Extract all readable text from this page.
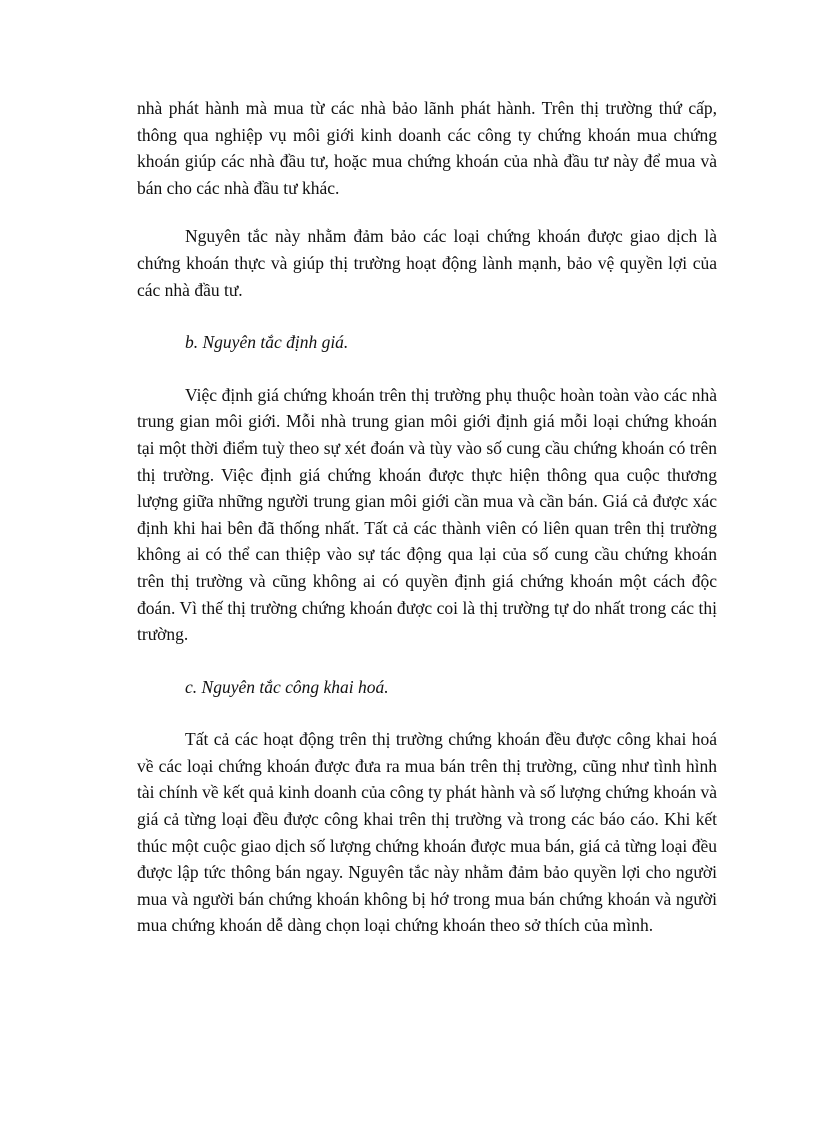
nhà phát hành mà mua từ các nhà bảo lãnh phát hành. Trên thị trường thứ cấp, thông qua nghiệp vụ môi giới kinh doanh các công ty chứng khoán mua chứng khoán giúp các nhà đầu tư, hoặc mua chứng khoán của nhà đầu tư này để mua và bán cho các nhà đầu tư khác.

Nguyên tắc này nhằm đảm bảo các loại chứng khoán được giao dịch là chứng khoán thực và giúp thị trường hoạt động lành mạnh, bảo vệ quyền lợi của các nhà đầu tư.

b. Nguyên tắc định giá.

Việc định giá chứng khoán trên thị trường phụ thuộc hoàn toàn vào các nhà trung gian môi giới. Mỗi nhà trung gian môi giới định giá mỗi loại chứng khoán tại một thời điểm tuỳ theo sự xét đoán và tùy vào số cung cầu chứng khoán có trên thị trường. Việc định giá chứng khoán được thực hiện thông qua cuộc thương lượng giữa những người trung gian môi giới cần mua và cần bán. Giá cả được xác định khi hai bên đã thống nhất. Tất cả các thành viên có liên quan trên thị trường không ai có thể can thiệp vào sự tác động qua lại của số cung cầu chứng khoán trên thị trường và cũng không ai có quyền định giá chứng khoán một cách độc đoán. Vì thế thị trường chứng khoán được coi là thị trường tự do nhất trong các thị trường.

c. Nguyên tắc công khai hoá.

Tất cả các hoạt động trên thị trường chứng khoán đều được công khai hoá về các loại chứng khoán được đưa ra mua bán trên thị trường, cũng như tình hình tài chính về kết quả kinh doanh của công ty phát hành và số lượng chứng khoán và giá cả từng loại đều được công khai trên thị trường và trong các báo cáo. Khi kết thúc một cuộc giao dịch số lượng chứng khoán được mua bán, giá cả từng loại đều được lập tức thông bán ngay. Nguyên tắc này nhằm đảm bảo quyền lợi cho người mua và người bán chứng khoán không bị hớ trong mua bán chứng khoán và người mua chứng khoán dễ dàng chọn loại chứng khoán theo sở thích của mình.
